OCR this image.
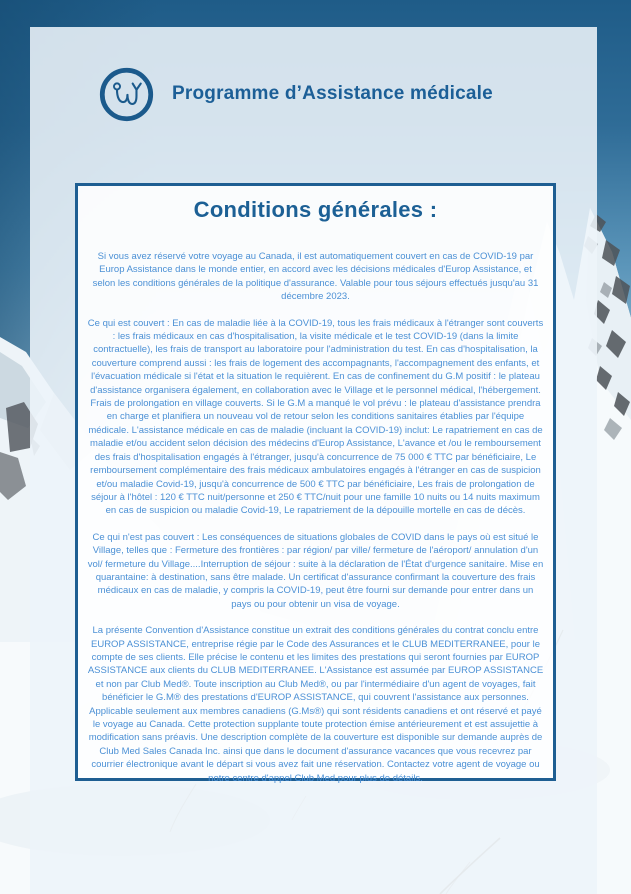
Programme d’Assistance médicale
Conditions générales :

Si vous avez réservé votre voyage au Canada, il est automatiquement couvert en cas de COVID-19 par Europ Assistance dans le monde entier, en accord avec les décisions médicales d'Europ Assistance, et selon les conditions générales de la politique d'assurance. Valable pour tous séjours effectués jusqu'au 31 décembre 2023.

Ce qui est couvert : En cas de maladie liée à la COVID-19, tous les frais médicaux à l'étranger sont couverts : les frais médicaux en cas d'hospitalisation, la visite médicale et le test COVID-19 (dans la limite contractuelle), les frais de transport au laboratoire pour l'administration du test. En cas d'hospitalisation, la couverture comprend aussi : les frais de logement des accompagnants, l'accompagnement des enfants, et l'évacuation médicale si l'état et la situation le requièrent. En cas de confinement du G.M positif : le plateau d'assistance organisera également, en collaboration avec le Village et le personnel médical, l'hébergement. Frais de prolongation en village couverts. Si le G.M a manqué le vol prévu : le plateau d'assistance prendra en charge et planifiera un nouveau vol de retour selon les conditions sanitaires établies par l'équipe médicale. L'assistance médicale en cas de maladie (incluant la COVID-19) inclut: Le rapatriement en cas de maladie et/ou accident selon décision des médecins d'Europ Assistance, L'avance et /ou le remboursement des frais d'hospitalisation engagés à l'étranger, jusqu'à concurrence de 75 000 € TTC par bénéficiaire, Le remboursement complémentaire des frais médicaux ambulatoires engagés à l'étranger en cas de suspicion et/ou maladie Covid-19, jusqu'à concurrence de 500 € TTC par bénéficiaire, Les frais de prolongation de séjour à l'hôtel : 120 € TTC nuit/personne et 250 € TTC/nuit pour une famille 10 nuits ou 14 nuits maximum en cas de suspicion ou maladie Covid-19, Le rapatriement de la dépouille mortelle en cas de décès.

Ce qui n'est pas couvert : Les conséquences de situations globales de COVID dans le pays où est situé le Village, telles que : Fermeture des frontières : par région/ par ville/ fermeture de l'aéroport/ annulation d'un vol/ fermeture du Village....Interruption de séjour : suite à la déclaration de l'État d'urgence sanitaire. Mise en quarantaine: à destination, sans être malade. Un certificat d'assurance confirmant la couverture des frais médicaux en cas de maladie, y compris la COVID-19, peut être fourni sur demande pour entrer dans un pays ou pour obtenir un visa de voyage.

La présente Convention d'Assistance constitue un extrait des conditions générales du contrat conclu entre EUROP ASSISTANCE, entreprise régie par le Code des Assurances et le CLUB MEDITERRANEE, pour le compte de ses clients. Elle précise le contenu et les limites des prestations qui seront fournies par EUROP ASSISTANCE aux clients du CLUB MEDITERRANEE. L'Assistance est assumée par EUROP ASSISTANCE et non par Club Med®. Toute inscription au Club Med®, ou par l'intermédiaire d'un agent de voyages, fait bénéficier le G.M® des prestations d'EUROP ASSISTANCE, qui couvrent l'assistance aux personnes. Applicable seulement aux membres canadiens (G.Ms®) qui sont résidents canadiens et ont réservé et payé le voyage au Canada. Cette protection supplante toute protection émise antérieurement et est assujettie à modification sans préavis. Une description complète de la couverture est disponible sur demande auprès de Club Med Sales Canada Inc. ainsi que dans le document d'assurance vacances que vous recevrez par courrier électronique avant le départ si vous avez fait une réservation. Contactez votre agent de voyage ou notre centre d'appel Club Med pour plus de détails.
